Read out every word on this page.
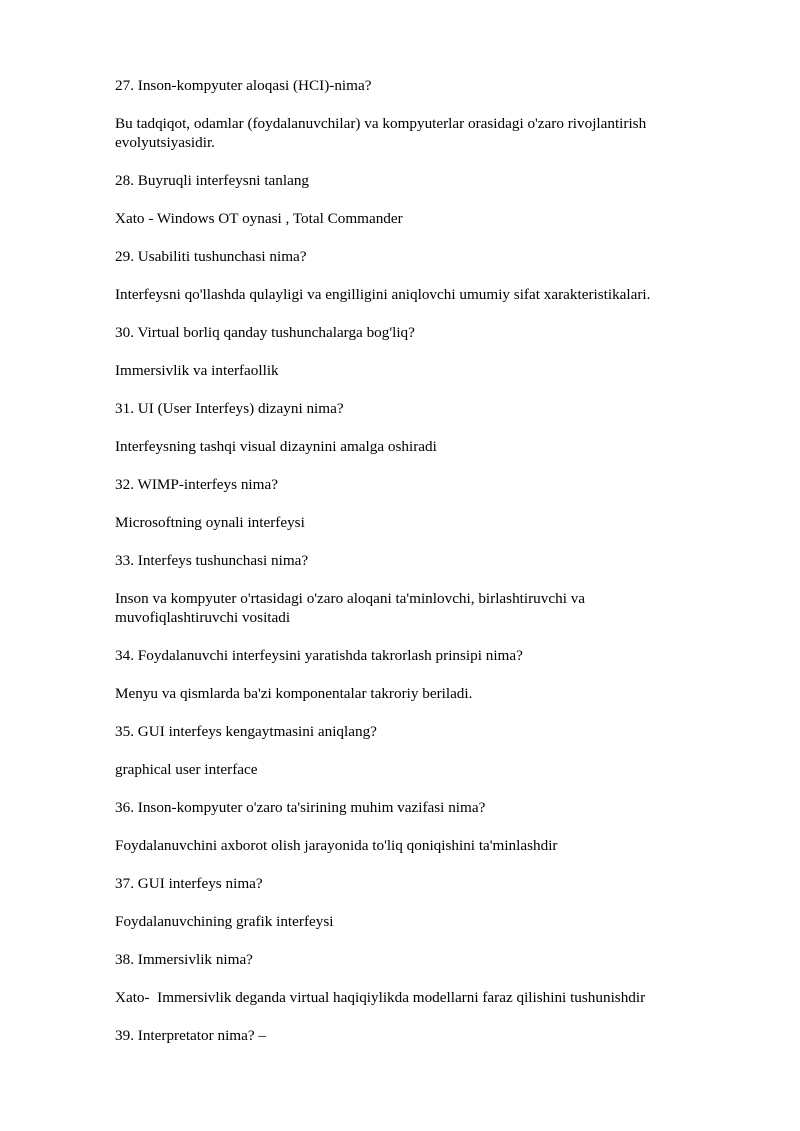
27. Inson-kompyuter aloqasi (HCI)-nima?

Bu tadqiqot, odamlar (foydalanuvchilar) va kompyuterlar orasidagi o'zaro rivojlantirish evolyutsiyasidir.

28. Buyruqli interfeysni tanlang

Xato - Windows OT oynasi , Total Commander

29. Usabiliti tushunchasi nima?

Interfeysni qo'llashda qulayligi va engilligini aniqlovchi umumiy sifat xarakteristikalari.

30. Virtual borliq qanday tushunchalarga bog'liq?

Immersivlik va interfaollik

31. UI (User Interfeys) dizayni nima?

Interfeysning tashqi visual dizaynini amalga oshiradi

32. WIMP-interfeys nima?

Microsoftning oynali interfeysi

33. Interfeys tushunchasi nima?

Inson va kompyuter o'rtasidagi o'zaro aloqani ta'minlovchi, birlashtiruvchi va muvofiqlashtiruvchi vositadi

34. Foydalanuvchi interfeysini yaratishda takrorlash prinsipi nima?

Menyu va qismlarda ba'zi komponentalar takroriy beriladi.

35. GUI interfeys kengaytmasini aniqlang?

graphical user interface

36. Inson-kompyuter o'zaro ta'sirining muhim vazifasi nima?

Foydalanuvchini axborot olish jarayonida to'liq qoniqishini ta'minlashdir

37. GUI interfeys nima?

Foydalanuvchining grafik interfeysi

38. Immersivlik nima?

Xato-  Immersivlik deganda virtual haqiqiylikda modellarni faraz qilishini tushunishdir

39. Interpretator nima? –
